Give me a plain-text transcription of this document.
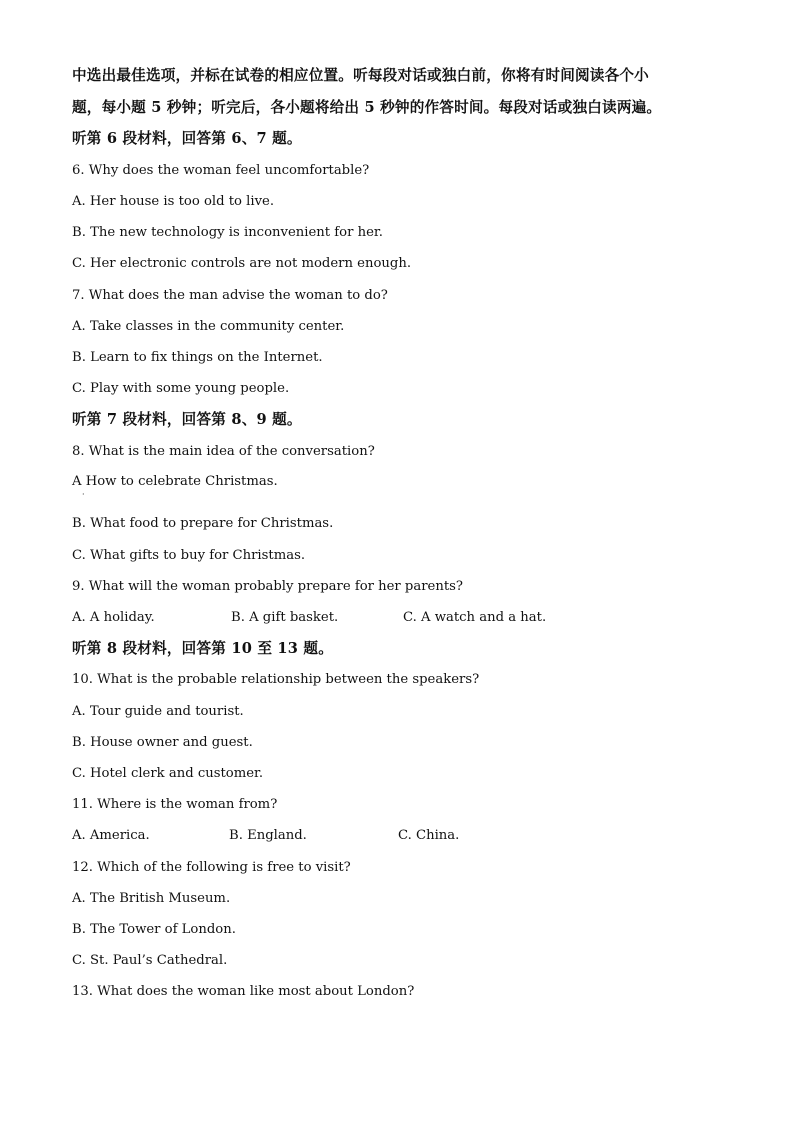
中选出最佳选项，并标在试卷的相应位置。听每段对话或独白前，你将有时间阅读各个小
题，每小题 5 秒钟；听完后，各小题将给出 5 秒钟的作答时间。每段对话或独白读两遍。
听第 6 段材料，回答第 6、7 题。
6. Why does the woman feel uncomfortable?
A. Her house is too old to live.
B. The new technology is inconvenient for her.
C. Her electronic controls are not modern enough.
7. What does the man advise the woman to do?
A. Take classes in the community center.
B. Learn to fix things on the Internet.
C. Play with some young people.
听第 7 段材料，回答第 8、9 题。
8. What is the main idea of the conversation?
A How to celebrate Christmas.
·
B. What food to prepare for Christmas.
C. What gifts to buy for Christmas.
9. What will the woman probably prepare for her parents?
A. A holiday.	B. A gift basket.	C. A watch and a hat.
听第 8 段材料，回答第 10 至 13 题。
10. What is the probable relationship between the speakers?
A. Tour guide and tourist.
B. House owner and guest.
C. Hotel clerk and customer.
11. Where is the woman from?
A. America.	B. England.	C. China.
12. Which of the following is free to visit?
A. The British Museum.
B. The Tower of London.
C. St. Paul’s Cathedral.
13. What does the woman like most about London?
